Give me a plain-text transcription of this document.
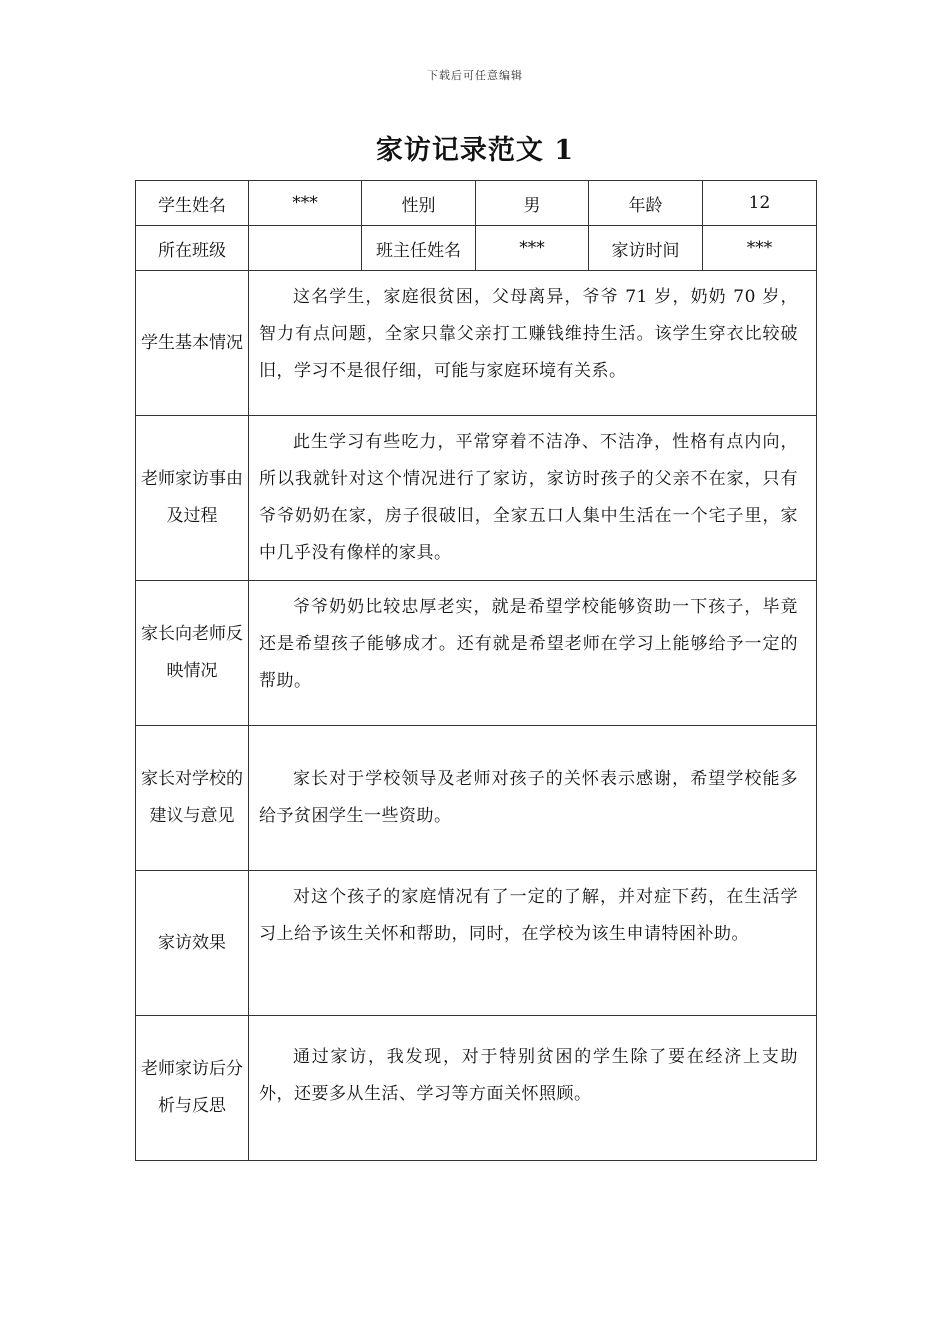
下载后可任意编辑
家访记录范文 1
学生姓名	***	性别	男	年龄	12
所在班级		班主任姓名	***	家访时间	***
学生基本情况	这名学生，家庭很贫困，父母离异，爷爷 71 岁，奶奶 70 岁，智力有点问题，全家只靠父亲打工赚钱维持生活。该学生穿衣比较破旧，学习不是很仔细，可能与家庭环境有关系。				

老师家访事由及过程	此生学习有些吃力，平常穿着不洁净、不洁净，性格有点内向，所以我就针对这个情况进行了家访，家访时孩子的父亲不在家，只有爷爷奶奶在家，房子很破旧，全家五口人集中生活在一个宅子里，家中几乎没有像样的家具。				

家长向老师反映情况	爷爷奶奶比较忠厚老实，就是希望学校能够资助一下孩子，毕竟还是希望孩子能够成才。还有就是希望老师在学习上能够给予一定的帮助。				

家长对学校的建议与意见	家长对于学校领导及老师对孩子的关怀表示感谢，希望学校能多给予贫困学生一些资助。				

家访效果	对这个孩子的家庭情况有了一定的了解，并对症下药，在生活学习上给予该生关怀和帮助，同时，在学校为该生申请特困补助。				

老师家访后分析与反思	通过家访，我发现，对于特别贫困的学生除了要在经济上支助外，还要多从生活、学习等方面关怀照顾。				
